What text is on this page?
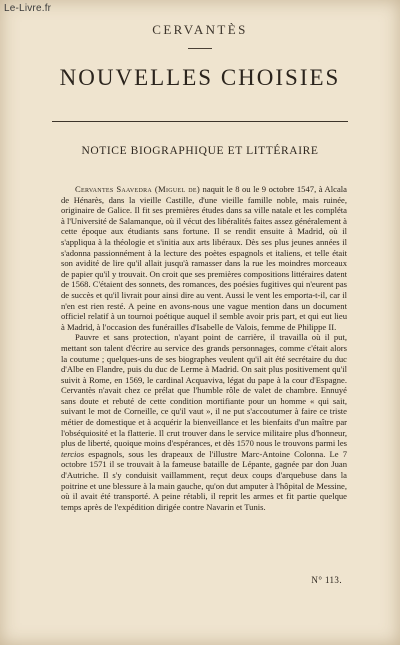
Le-Livre.fr
CERVANTÈS
NOUVELLES CHOISIES
NOTICE BIOGRAPHIQUE ET LITTÉRAIRE

Cervantes Saavedra (Miguel de) naquit le 8 ou le 9 octobre 1547, à Alcala de Hénarès, dans la vieille Castille, d'une vieille famille noble, mais ruinée, originaire de Galice. Il fit ses premières études dans sa ville natale et les compléta à l'Université de Salamanque, où il vécut des libéralités faites assez généralement à cette époque aux étudiants sans fortune. Il se rendit ensuite à Madrid, où il s'appliqua à la théologie et s'initia aux arts libéraux. Dès ses plus jeunes années il s'adonna passionnément à la lecture des poètes espagnols et italiens, et telle était son avidité de lire qu'il allait jusqu'à ramasser dans la rue les moindres morceaux de papier qu'il y trouvait. On croit que ses premières compositions littéraires datent de 1568. C'étaient des sonnets, des romances, des poésies fugitives qui n'eurent pas de succès et qu'il livrait pour ainsi dire au vent. Aussi le vent les emporta-t-il, car il n'en est rien resté. A peine en avons-nous une vague mention dans un document officiel relatif à un tournoi poétique auquel il semble avoir pris part, et qui eut lieu à Madrid, à l'occasion des funérailles d'Isabelle de Valois, femme de Philippe II.

Pauvre et sans protection, n'ayant point de carrière, il travailla où il put, mettant son talent d'écrire au service des grands personnages, comme c'était alors la coutume ; quelques-uns de ses biographes veulent qu'il ait été secrétaire du duc d'Albe en Flandre, puis du duc de Lerme à Madrid. On sait plus positivement qu'il suivit à Rome, en 1569, le cardinal Acquaviva, légat du pape à la cour d'Espagne. Cervantès n'avait chez ce prélat que l'humble rôle de valet de chambre. Ennuyé sans doute et rebuté de cette condition mortifiante pour un homme « qui sait, suivant le mot de Corneille, ce qu'il vaut », il ne put s'accoutumer à faire ce triste métier de domestique et à acquérir la bienveillance et les bienfaits d'un maître par l'obséquiosité et la flatterie. Il crut trouver dans le service militaire plus d'honneur, plus de liberté, quoique moins d'espérances, et dès 1570 nous le trouvons parmi les tercios espagnols, sous les drapeaux de l'illustre Marc-Antoine Colonna. Le 7 octobre 1571 il se trouvait à la fameuse bataille de Lépante, gagnée par don Juan d'Autriche. Il s'y conduisit vaillamment, reçut deux coups d'arquebuse dans la poitrine et une blessure à la main gauche, qu'on dut amputer à l'hôpital de Messine, où il avait été transporté. A peine rétabli, il reprit les armes et fit partie quelque temps après de l'expédition dirigée contre Navarin et Tunis.

N° 113.
